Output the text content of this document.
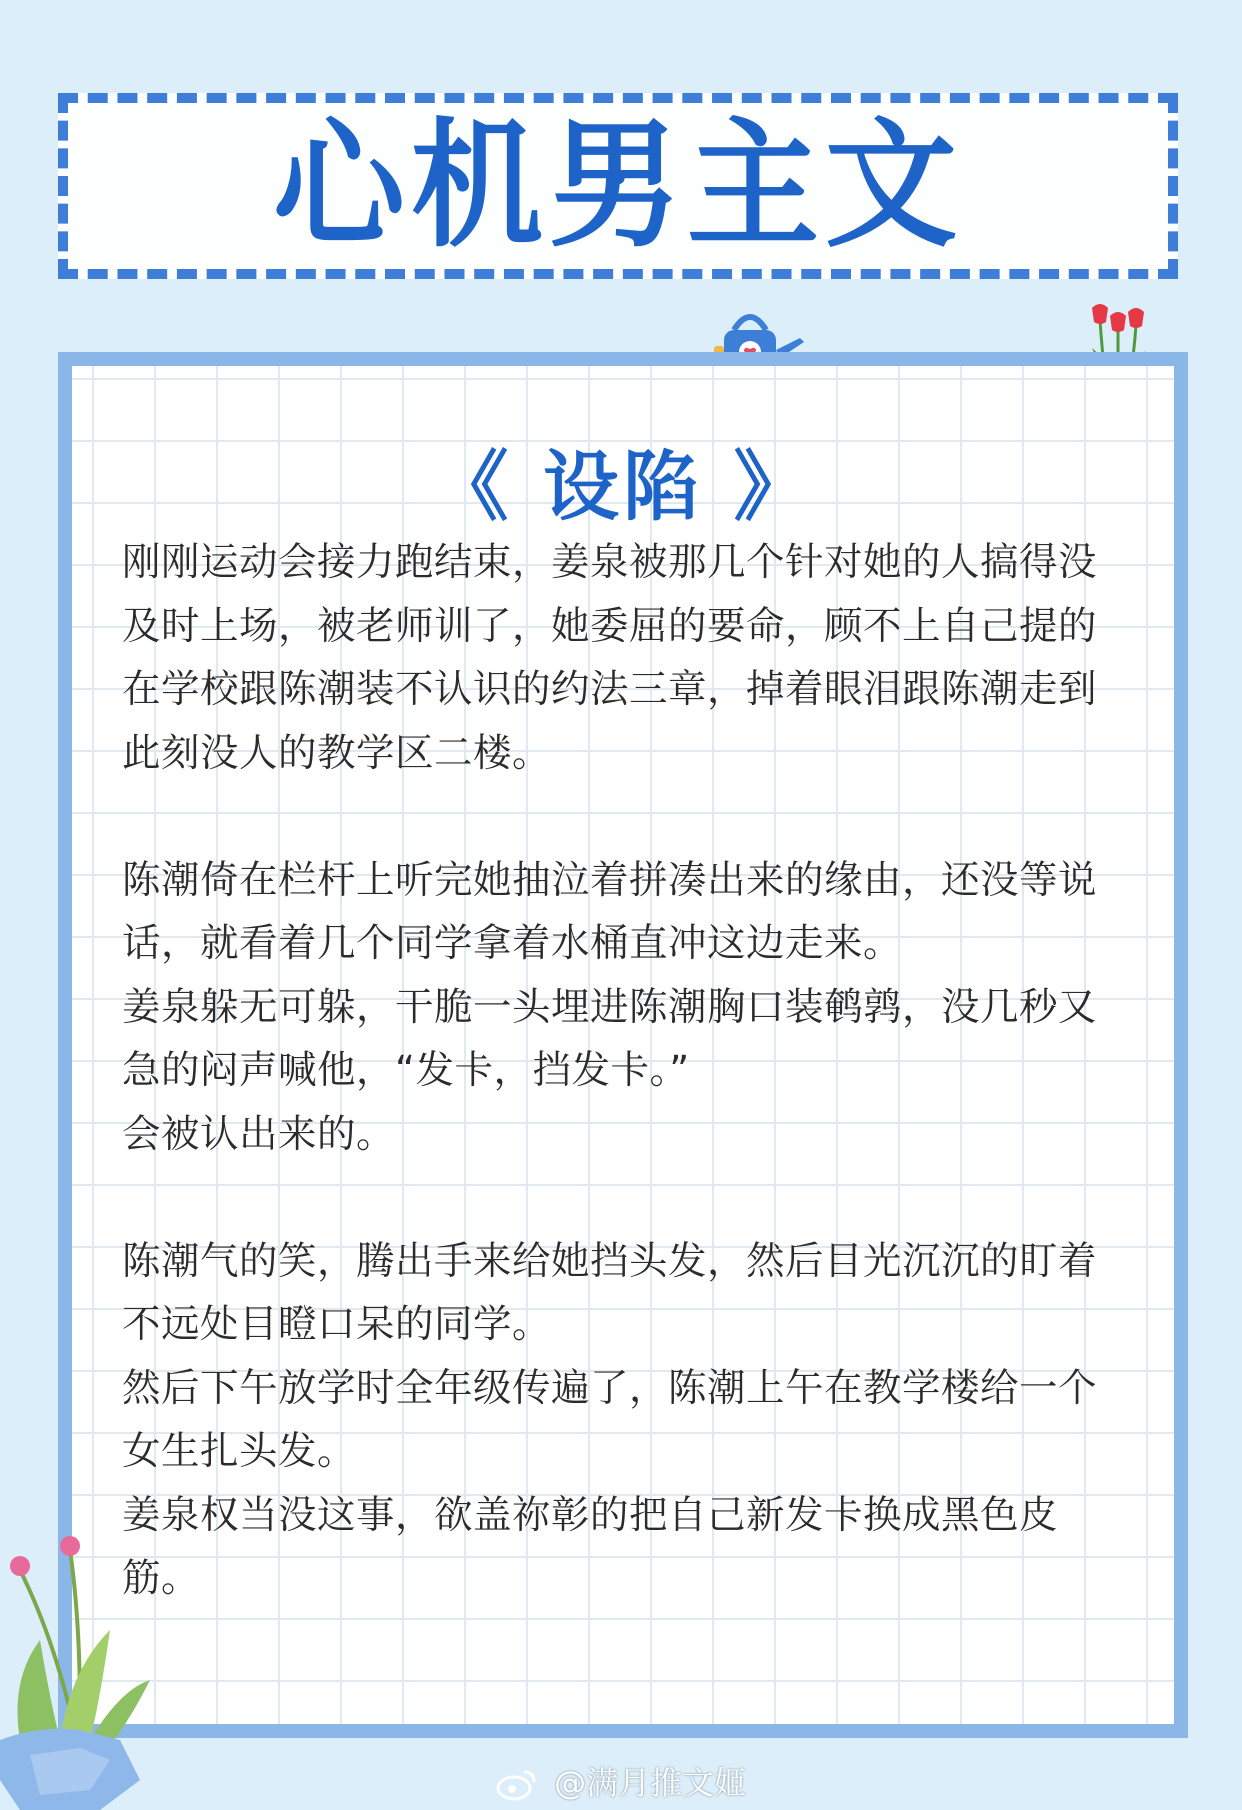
心机男主文
《 设陷 》

刚刚运动会接力跑结束，姜泉被那几个针对她的人搞得没及时上场，被老师训了，她委屈的要命，顾不上自己提的在学校跟陈潮装不认识的约法三章，掉着眼泪跟陈潮走到此刻没人的教学区二楼。

陈潮倚在栏杆上听完她抽泣着拼凑出来的缘由，还没等说话，就看着几个同学拿着水桶直冲这边走来。

姜泉躲无可躲，干脆一头埋进陈潮胸口装鹌鹑，没几秒又急的闷声喊他，“发卡，挡发卡。”

会被认出来的。

陈潮气的笑，腾出手来给她挡头发，然后目光沉沉的盯着不远处目瞪口呆的同学。

然后下午放学时全年级传遍了，陈潮上午在教学楼给一个女生扎头发。

姜泉权当没这事，欲盖祢彰的把自己新发卡换成黑色皮筋。

@满月推文姬
